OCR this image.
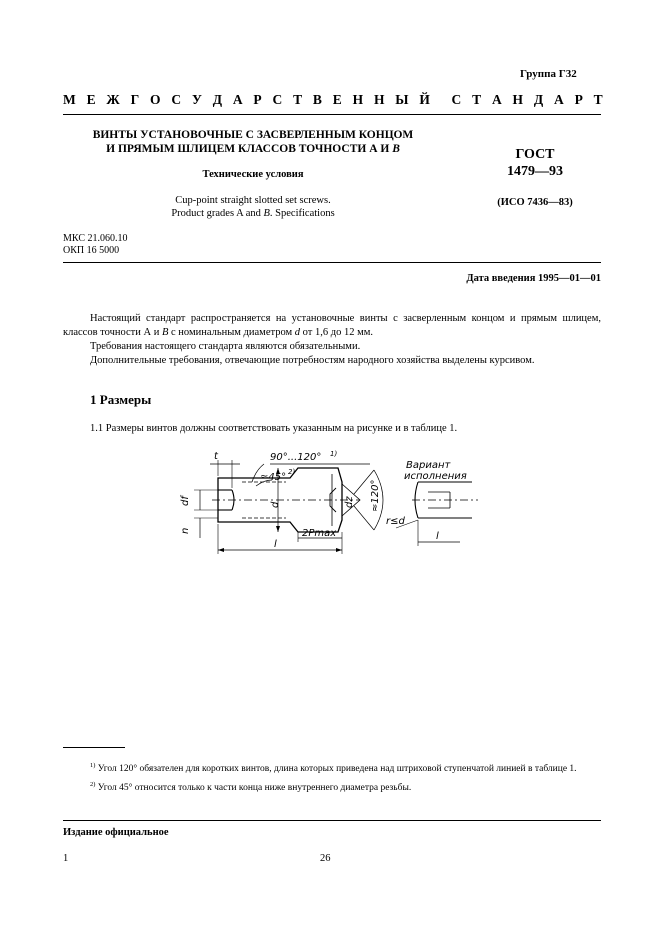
Группа Г32
М Е Ж Г О С У Д А Р С Т В Е Н Н Ы Й С Т А Н Д А Р Т
ВИНТЫ УСТАНОВОЧНЫЕ С ЗАСВЕРЛЕННЫМ КОНЦОМ
И ПРЯМЫМ ШЛИЦЕМ КЛАССОВ ТОЧНОСТИ А И В
Технические условия
Cup-point straight slotted set screws.
Product grades A and B. Specifications
ГОСТ
1479—93
(ИСО 7436—83)
МКС 21.060.10
ОКП 16 5000
Дата введения 1995—01—01

Настоящий стандарт распространяется на установочные винты с засверленным концом и прямым шлицем, классов точности А и В с номинальным диаметром d от 1,6 до 12 мм.

Требования настоящего стандарта являются обязательными.

Дополнительные требования, отвечающие потребностям народного хозяйства выделены курсивом.

1 Размеры
1.1 Размеры винтов должны соответствовать указанным на рисунке и в таблице 1.
t	90°...120° 1)
≈45° 2)
df
n
d	dz ≈120°
2Pmax
l
Вариант
исполнения
r≤d
l

$^{1)}$ Угол 120° обязателен для коротких винтов, длина которых приведена над штриховой ступенчатой линией в таблице 1.

$^{2)}$ Угол 45° относится только к части конца ниже внутреннего диаметра резьбы.

Издание официальное
1	26
